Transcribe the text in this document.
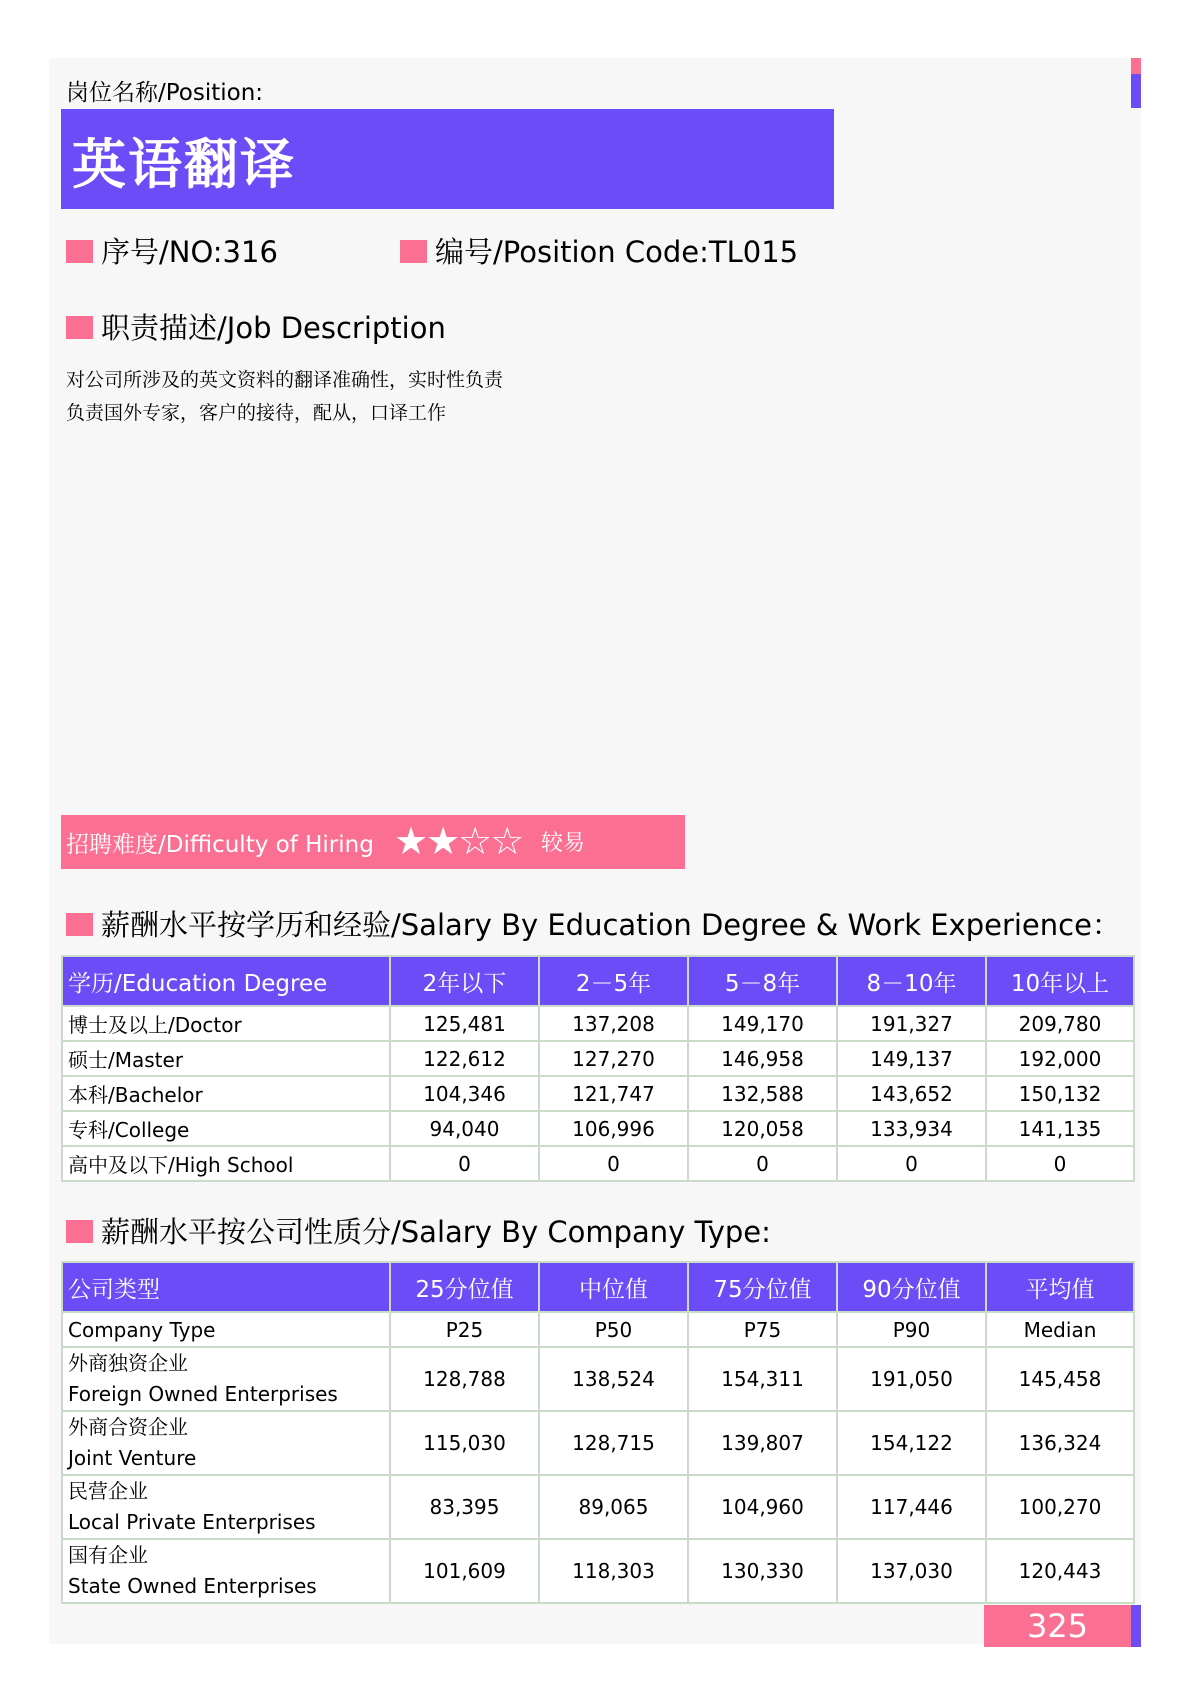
岗位名称/Position:
英语翻译
序号/NO:316	编号/Position Code:TL015
职责描述/Job Description
对公司所涉及的英文资料的翻译准确性，实时性负责
负责国外专家，客户的接待，配从，口译工作
招聘难度/Difficulty of Hiring ★★☆☆ 较易
薪酬水平按学历和经验/Salary By Education Degree & Work Experience：
学历/Education Degree	2年以下	2－5年	5－8年	8－10年	10年以上
博士及以上/Doctor	125,481	137,208	149,170	191,327	209,780
硕士/Master	122,612	127,270	146,958	149,137	192,000
本科/Bachelor	104,346	121,747	132,588	143,652	150,132
专科/College	94,040	106,996	120,058	133,934	141,135
高中及以下/High School	0	0	0	0	0
薪酬水平按公司性质分/Salary By Company Type:
公司类型	25分位值	中位值	75分位值	90分位值	平均值
Company Type	P25	P50	P75	P90	Median

外商独资企业
Foreign Owned Enterprises	128,788	138,524	154,311	191,050	145,458

外商合资企业
Joint Venture	115,030	128,715	139,807	154,122	136,324

民营企业
Local Private Enterprises	83,395	89,065	104,960	117,446	100,270

国有企业
State Owned Enterprises	101,609	118,303	130,330	137,030	120,443
325
